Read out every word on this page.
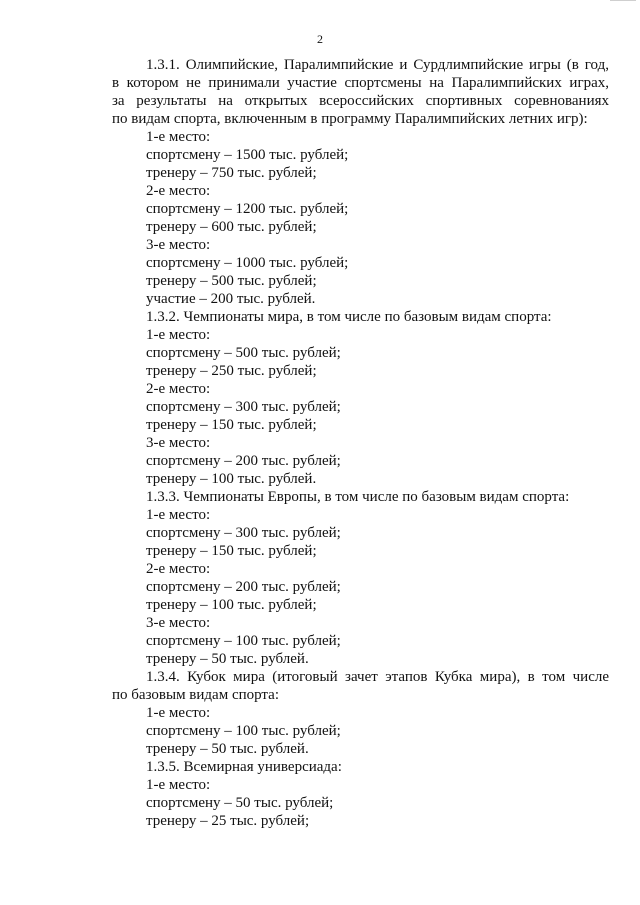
2
1.3.1. Олимпийские, Паралимпийские и Сурдлимпийские игры (в год,
в котором не принимали участие спортсмены на Паралимпийских играх,
за результаты на открытых всероссийских спортивных соревнованиях
по видам спорта, включенным в программу Паралимпийских летних игр):
1-е место:
спортсмену – 1500 тыс. рублей;
тренеру – 750 тыс. рублей;
2-е место:
спортсмену – 1200 тыс. рублей;
тренеру – 600 тыс. рублей;
3-е место:
спортсмену – 1000 тыс. рублей;
тренеру – 500 тыс. рублей;
участие – 200 тыс. рублей.
1.3.2. Чемпионаты мира, в том числе по базовым видам спорта:
1-е место:
спортсмену – 500 тыс. рублей;
тренеру – 250 тыс. рублей;
2-е место:
спортсмену – 300 тыс. рублей;
тренеру – 150 тыс. рублей;
3-е место:
спортсмену – 200 тыс. рублей;
тренеру – 100 тыс. рублей.
1.3.3. Чемпионаты Европы, в том числе по базовым видам спорта:
1-е место:
спортсмену – 300 тыс. рублей;
тренеру – 150 тыс. рублей;
2-е место:
спортсмену – 200 тыс. рублей;
тренеру – 100 тыс. рублей;
3-е место:
спортсмену – 100 тыс. рублей;
тренеру – 50 тыс. рублей.
1.3.4. Кубок мира (итоговый зачет этапов Кубка мира), в том числе
по базовым видам спорта:
1-е место:
спортсмену – 100 тыс. рублей;
тренеру – 50 тыс. рублей.
1.3.5. Всемирная универсиада:
1-е место:
спортсмену – 50 тыс. рублей;
тренеру – 25 тыс. рублей;
